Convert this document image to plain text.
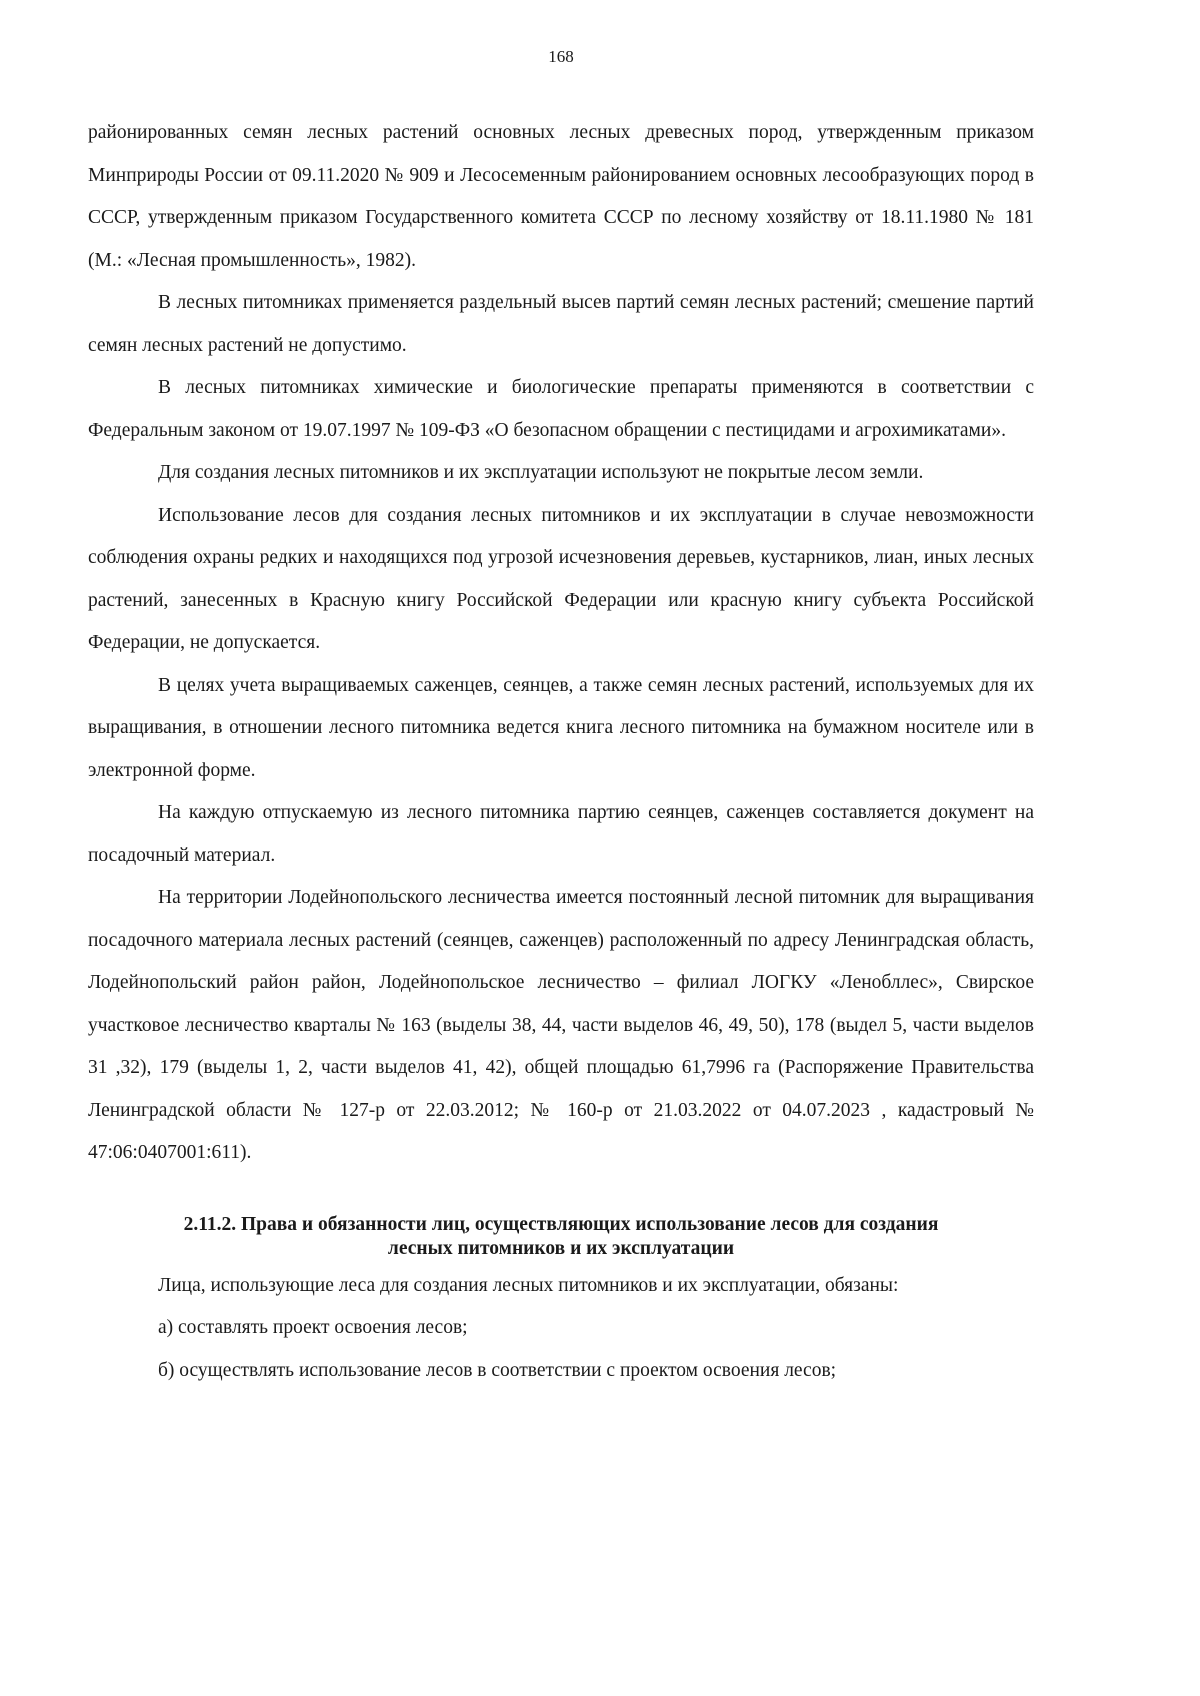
168

районированных семян лесных растений основных лесных древесных пород, утвержденным приказом Минприроды России от 09.11.2020 № 909 и Лесосеменным районированием основных лесообразующих пород в СССР, утвержденным приказом Государственного комитета СССР по лесному хозяйству от 18.11.1980 № 181 (М.: «Лесная промышленность», 1982).

В лесных питомниках применяется раздельный высев партий семян лесных растений; смешение партий семян лесных растений не допустимо.

В лесных питомниках химические и биологические препараты применяются в соответствии с Федеральным законом от 19.07.1997 № 109-ФЗ «О безопасном обращении с пестицидами и агрохимикатами».

Для создания лесных питомников и их эксплуатации используют не покрытые лесом земли.

Использование лесов для создания лесных питомников и их эксплуатации в случае невозможности соблюдения охраны редких и находящихся под угрозой исчезновения деревьев, кустарников, лиан, иных лесных растений, занесенных в Красную книгу Российской Федерации или красную книгу субъекта Российской Федерации, не допускается.

В целях учета выращиваемых саженцев, сеянцев, а также семян лесных растений, используемых для их выращивания, в отношении лесного питомника ведется книга лесного питомника на бумажном носителе или в электронной форме.

На каждую отпускаемую из лесного питомника партию сеянцев, саженцев составляется документ на посадочный материал.

На территории Лодейнопольского лесничества имеется постоянный лесной питомник для выращивания посадочного материала лесных растений (сеянцев, саженцев) расположенный по адресу Ленинградская область, Лодейнопольский район район, Лодейнопольское лесничество – филиал ЛОГКУ «Ленобллес», Свирское участковое лесничество кварталы № 163 (выделы 38, 44, части выделов 46, 49, 50), 178 (выдел 5, части выделов 31 ,32), 179 (выделы 1, 2, части выделов 41, 42), общей площадью 61,7996 га (Распоряжение Правительства Ленинградской области № 127-р от 22.03.2012; № 160-р от 21.03.2022 от 04.07.2023 , кадастровый № 47:06:0407001:611).

2.11.2. Права и обязанности лиц, осуществляющих использование лесов для создания
лесных питомников и их эксплуатации

Лица, использующие леса для создания лесных питомников и их эксплуатации, обязаны:

а) составлять проект освоения лесов;

б) осуществлять использование лесов в соответствии с проектом освоения лесов;
